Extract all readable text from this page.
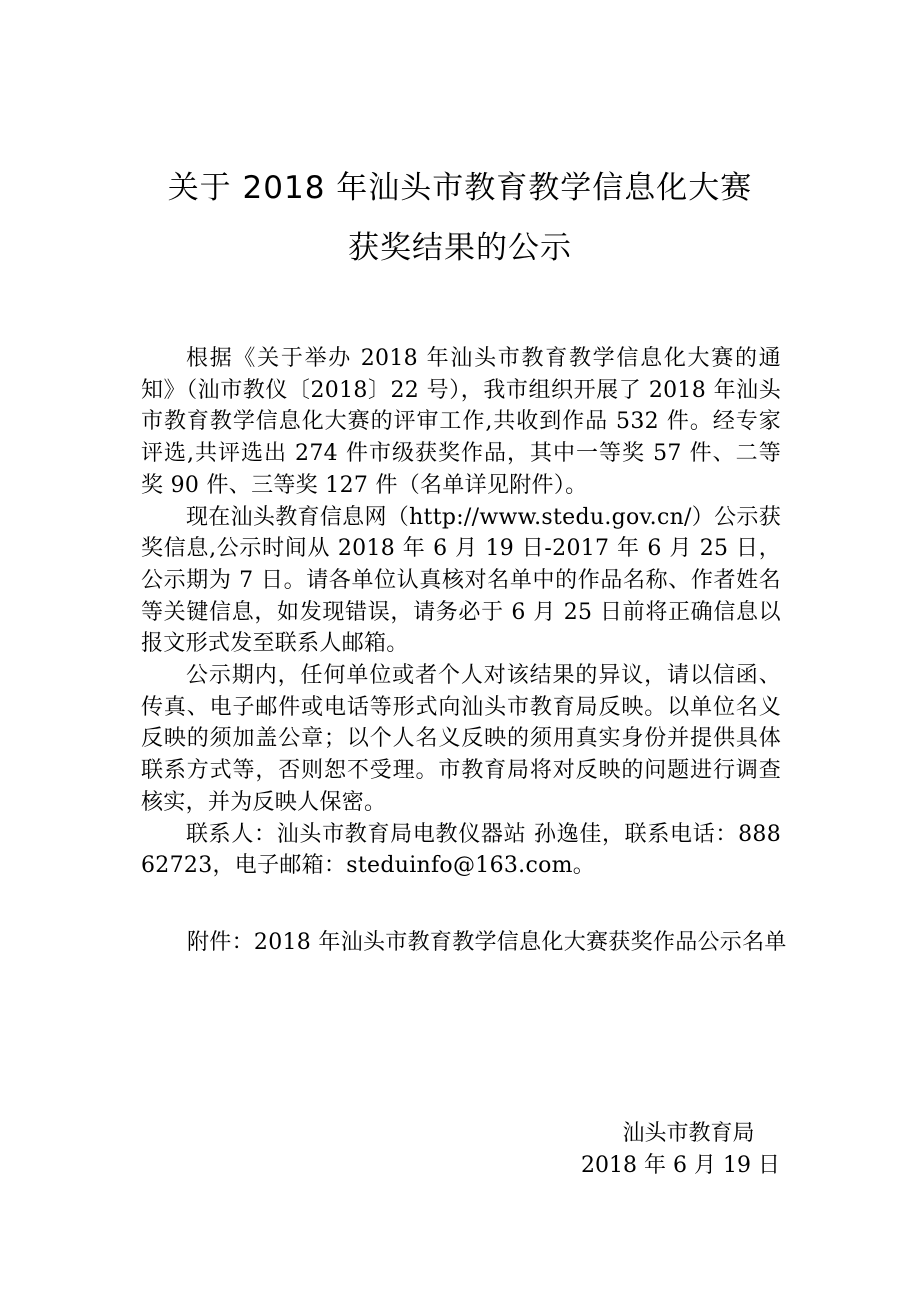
关于 2018 年汕头市教育教学信息化大赛
获奖结果的公示

根据《关于举办 2018 年汕头市教育教学信息化大赛的通知》（汕市教仪〔2018〕22 号），我市组织开展了 2018 年汕头市教育教学信息化大赛的评审工作,共收到作品 532 件。经专家评选,共评选出 274 件市级获奖作品，其中一等奖 57 件、二等奖 90 件、三等奖 127 件（名单详见附件）。

现在汕头教育信息网（http://www.stedu.gov.cn/）公示获奖信息,公示时间从 2018 年 6 月 19 日-2017 年 6 月 25 日，公示期为 7 日。请各单位认真核对名单中的作品名称、作者姓名等关键信息，如发现错误，请务必于 6 月 25 日前将正确信息以报文形式发至联系人邮箱。

公示期内，任何单位或者个人对该结果的异议，请以信函、传真、电子邮件或电话等形式向汕头市教育局反映。以单位名义反映的须加盖公章；以个人名义反映的须用真实身份并提供具体联系方式等，否则恕不受理。市教育局将对反映的问题进行调查核实，并为反映人保密。

联系人：汕头市教育局电教仪器站 孙逸佳，联系电话：88862723，电子邮箱：steduinfo@163.com。

附件：2018 年汕头市教育教学信息化大赛获奖作品公示名单
汕头市教育局
2018 年 6 月 19 日
